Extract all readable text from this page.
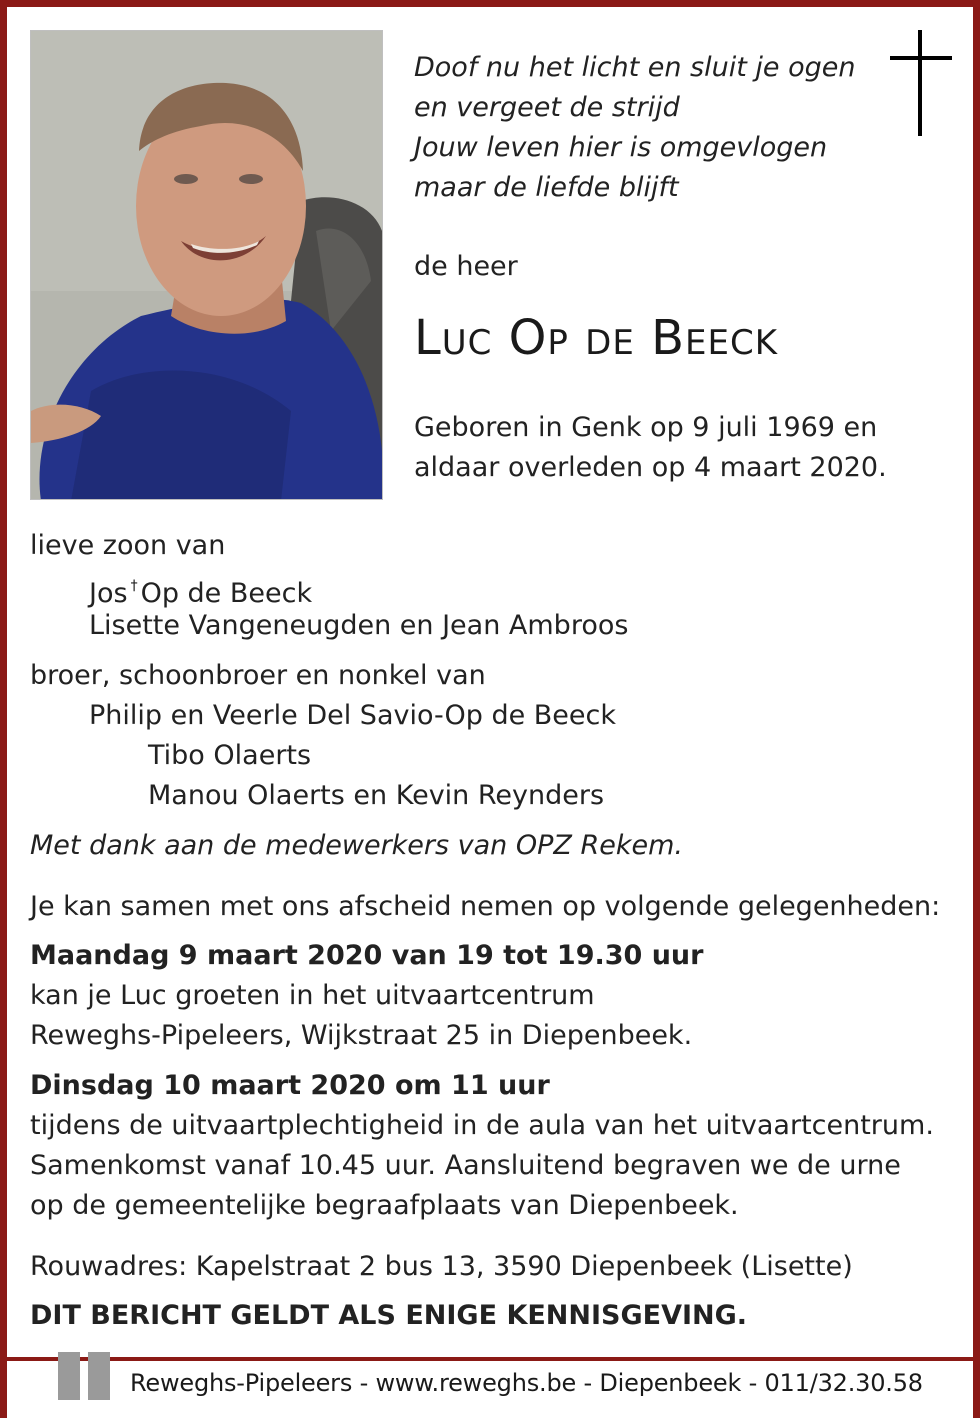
Doof nu het licht en sluit je ogen
en vergeet de strijd
Jouw leven hier is omgevlogen
maar de liefde blijft
de heer
Luc Op de Beeck
Geboren in Genk op 9 juli 1969 en
aldaar overleden op 4 maart 2020.
lieve zoon van
Jos † Op de Beeck
Lisette Vangeneugden en Jean Ambroos
broer, schoonbroer en nonkel van
Philip en Veerle Del Savio-Op de Beeck
Tibo Olaerts
Manou Olaerts en Kevin Reynders
Met dank aan de medewerkers van OPZ Rekem.
Je kan samen met ons afscheid nemen op volgende gelegenheden:
Maandag 9 maart 2020 van 19 tot 19.30 uur
kan je Luc groeten in het uitvaartcentrum
Reweghs-Pipeleers, Wijkstraat 25 in Diepenbeek.
Dinsdag 10 maart 2020 om 11 uur
tijdens de uitvaartplechtigheid in de aula van het uitvaartcentrum.
Samenkomst vanaf 10.45 uur. Aansluitend begraven we de urne
op de gemeentelijke begraafplaats van Diepenbeek.
Rouwadres: Kapelstraat 2 bus 13, 3590 Diepenbeek (Lisette)
DIT BERICHT GELDT ALS ENIGE KENNISGEVING.
Reweghs-Pipeleers - www.reweghs.be - Diepenbeek - 011/32.30.58
